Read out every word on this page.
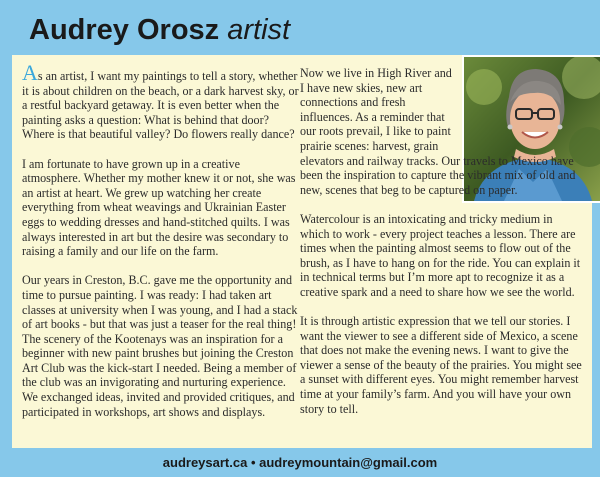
Audrey Orosz artist

As an artist, I want my paintings to tell a story, whether it is about children on the beach, or a dark harvest sky, or a restful backyard getaway. It is even better when the painting asks a question: What is behind that door? Where is that beautiful valley? Do flowers really dance?

I am fortunate to have grown up in a creative atmosphere. Whether my mother knew it or not, she was an artist at heart. We grew up watching her create everything from wheat weavings and Ukrainian Easter eggs to wedding dresses and hand-stitched quilts. I was always interested in art but the desire was secondary to raising a family and our life on the farm.

Our years in Creston, B.C. gave me the opportunity and time to pursue painting. I was ready: I had taken art classes at university when I was young, and I had a stack of art books - but that was just a teaser for the real thing! The scenery of the Kootenays was an inspiration for a beginner with new paint brushes but joining the Creston Art Club was the kick-start I needed. Being a member of the club was an invigorating and nurturing experience. We exchanged ideas, invited and provided critiques, and participated in workshops, art shows and displays.

Now we live in High River and I have new skies, new art connections and fresh influences. As a reminder that our roots prevail, I like to paint prairie scenes: harvest, grain

elevators and railway tracks. Our travels to Mexico have been the inspiration to capture the vibrant mix of old and new, scenes that beg to be captured on paper.

Watercolour is an intoxicating and tricky medium in which to work - every project teaches a lesson. There are times when the painting almost seems to flow out of the brush, as I have to hang on for the ride. You can explain it in technical terms but I’m more apt to recognize it as a creative spark and a need to share how we see the world.

It is through artistic expression that we tell our stories. I want the viewer to see a different side of Mexico, a scene that does not make the evening news. I want to give the viewer a sense of the beauty of the prairies. You might see a sunset with different eyes. You might remember harvest time at your family’s farm. And you will have your own story to tell.

audreysart.ca • audreymountain@gmail.com
